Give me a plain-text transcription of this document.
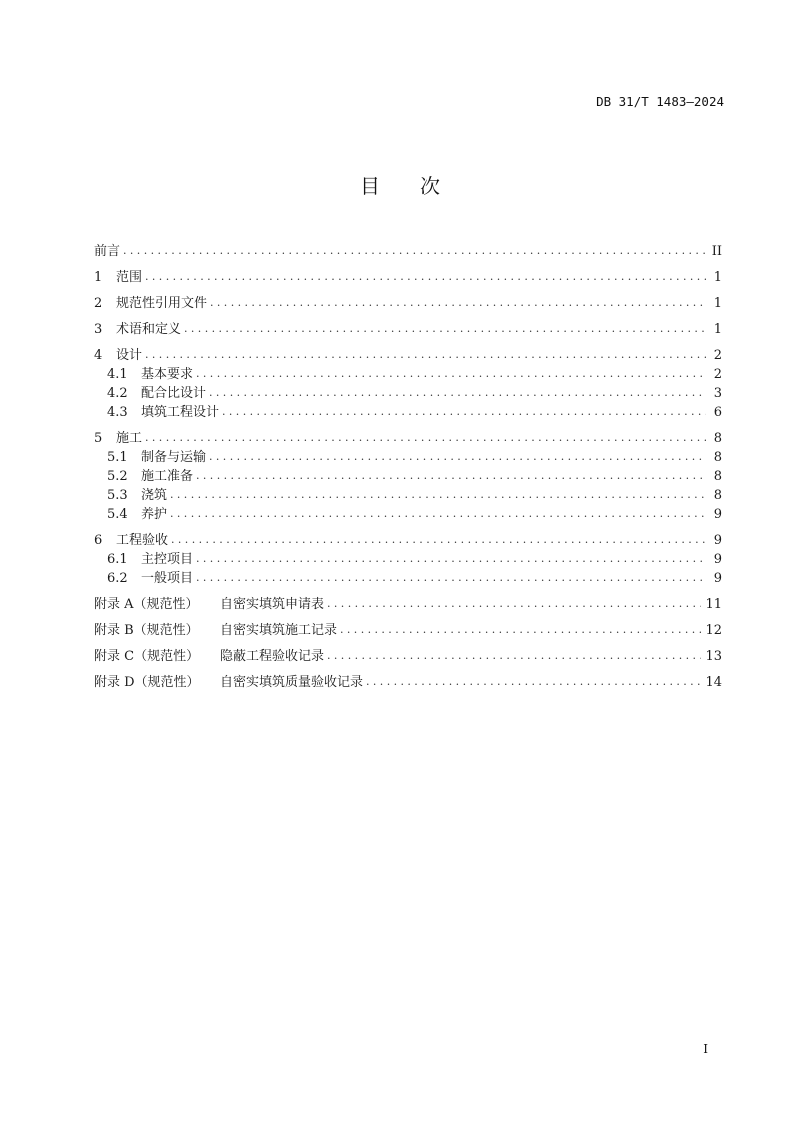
DB 31/T 1483—2024
目 次
前言 .....	II
1	范围 .....	1
2	规范性引用文件 .....	1
3	术语和定义 .....	1
4	设计 .....	2
4.1	基本要求 .....	2
4.2	配合比设计 .....	3
4.3	填筑工程设计 .....	6
5	施工 .....	8
5.1	制备与运输 .....	8
5.2	施工准备 .....	8
5.3	浇筑 .....	8
5.4	养护 .....	9
6	工程验收 .....	9
6.1	主控项目 .....	9
6.2	一般项目 .....	9
附录 A（规范性）	自密实填筑申请表 .....	11
附录 B（规范性）	自密实填筑施工记录 .....	12
附录 C（规范性）	隐蔽工程验收记录 .....	13
附录 D（规范性）	自密实填筑质量验收记录 .....	14
I
